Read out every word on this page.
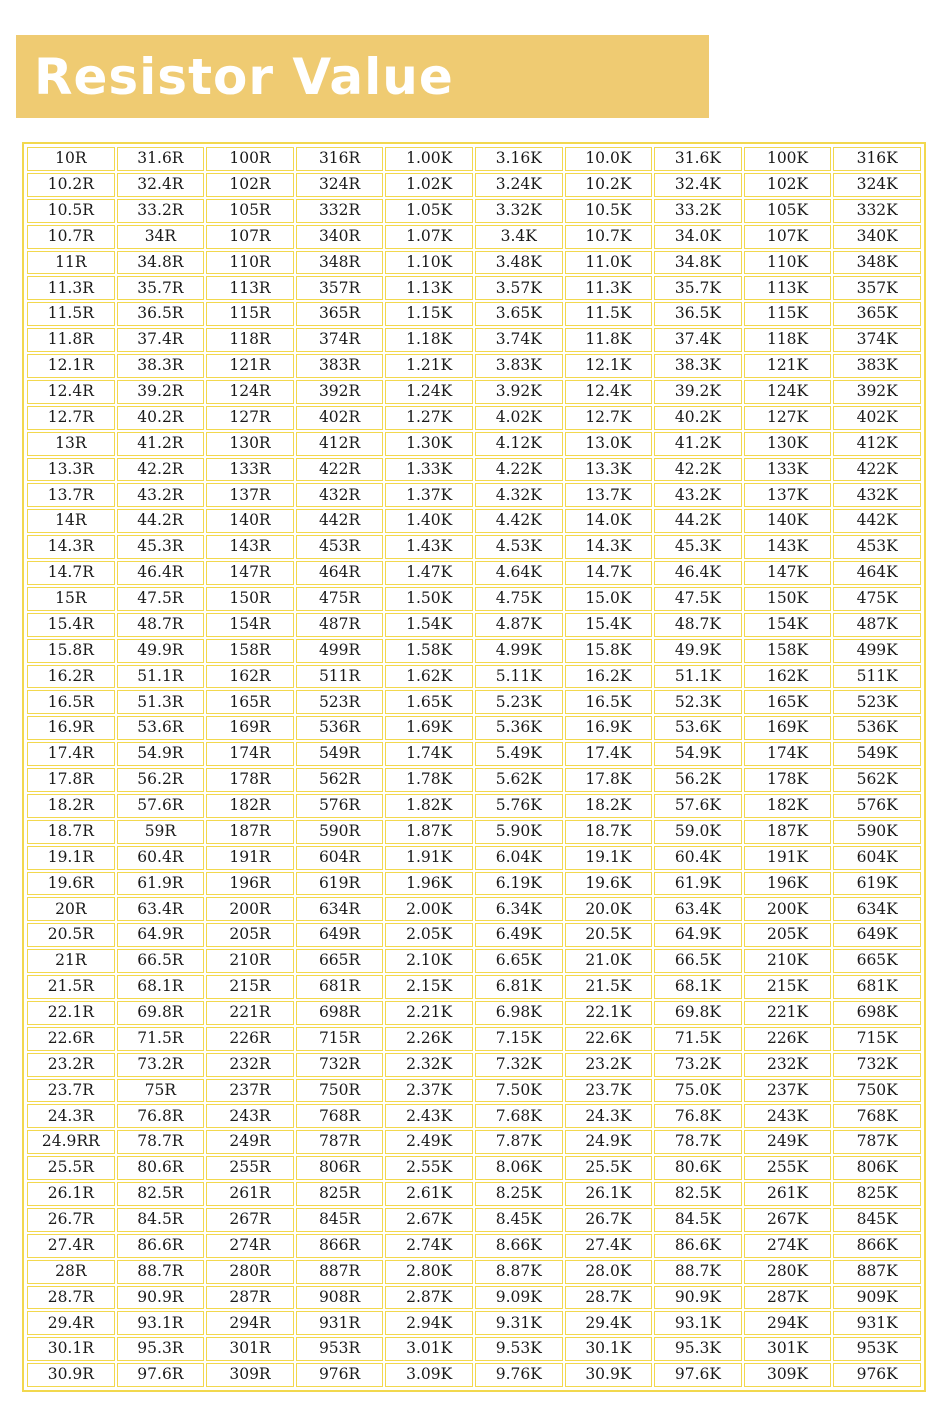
Resistor Value
10R	31.6R	100R	316R	1.00K	3.16K	10.0K	31.6K	100K	316K
10.2R	32.4R	102R	324R	1.02K	3.24K	10.2K	32.4K	102K	324K
10.5R	33.2R	105R	332R	1.05K	3.32K	10.5K	33.2K	105K	332K
10.7R	34R	107R	340R	1.07K	3.4K	10.7K	34.0K	107K	340K
11R	34.8R	110R	348R	1.10K	3.48K	11.0K	34.8K	110K	348K
11.3R	35.7R	113R	357R	1.13K	3.57K	11.3K	35.7K	113K	357K
11.5R	36.5R	115R	365R	1.15K	3.65K	11.5K	36.5K	115K	365K
11.8R	37.4R	118R	374R	1.18K	3.74K	11.8K	37.4K	118K	374K
12.1R	38.3R	121R	383R	1.21K	3.83K	12.1K	38.3K	121K	383K
12.4R	39.2R	124R	392R	1.24K	3.92K	12.4K	39.2K	124K	392K
12.7R	40.2R	127R	402R	1.27K	4.02K	12.7K	40.2K	127K	402K
13R	41.2R	130R	412R	1.30K	4.12K	13.0K	41.2K	130K	412K
13.3R	42.2R	133R	422R	1.33K	4.22K	13.3K	42.2K	133K	422K
13.7R	43.2R	137R	432R	1.37K	4.32K	13.7K	43.2K	137K	432K
14R	44.2R	140R	442R	1.40K	4.42K	14.0K	44.2K	140K	442K
14.3R	45.3R	143R	453R	1.43K	4.53K	14.3K	45.3K	143K	453K
14.7R	46.4R	147R	464R	1.47K	4.64K	14.7K	46.4K	147K	464K
15R	47.5R	150R	475R	1.50K	4.75K	15.0K	47.5K	150K	475K
15.4R	48.7R	154R	487R	1.54K	4.87K	15.4K	48.7K	154K	487K
15.8R	49.9R	158R	499R	1.58K	4.99K	15.8K	49.9K	158K	499K
16.2R	51.1R	162R	511R	1.62K	5.11K	16.2K	51.1K	162K	511K
16.5R	51.3R	165R	523R	1.65K	5.23K	16.5K	52.3K	165K	523K
16.9R	53.6R	169R	536R	1.69K	5.36K	16.9K	53.6K	169K	536K
17.4R	54.9R	174R	549R	1.74K	5.49K	17.4K	54.9K	174K	549K
17.8R	56.2R	178R	562R	1.78K	5.62K	17.8K	56.2K	178K	562K
18.2R	57.6R	182R	576R	1.82K	5.76K	18.2K	57.6K	182K	576K
18.7R	59R	187R	590R	1.87K	5.90K	18.7K	59.0K	187K	590K
19.1R	60.4R	191R	604R	1.91K	6.04K	19.1K	60.4K	191K	604K
19.6R	61.9R	196R	619R	1.96K	6.19K	19.6K	61.9K	196K	619K
20R	63.4R	200R	634R	2.00K	6.34K	20.0K	63.4K	200K	634K
20.5R	64.9R	205R	649R	2.05K	6.49K	20.5K	64.9K	205K	649K
21R	66.5R	210R	665R	2.10K	6.65K	21.0K	66.5K	210K	665K
21.5R	68.1R	215R	681R	2.15K	6.81K	21.5K	68.1K	215K	681K
22.1R	69.8R	221R	698R	2.21K	6.98K	22.1K	69.8K	221K	698K
22.6R	71.5R	226R	715R	2.26K	7.15K	22.6K	71.5K	226K	715K
23.2R	73.2R	232R	732R	2.32K	7.32K	23.2K	73.2K	232K	732K
23.7R	75R	237R	750R	2.37K	7.50K	23.7K	75.0K	237K	750K
24.3R	76.8R	243R	768R	2.43K	7.68K	24.3K	76.8K	243K	768K
24.9RR	78.7R	249R	787R	2.49K	7.87K	24.9K	78.7K	249K	787K
25.5R	80.6R	255R	806R	2.55K	8.06K	25.5K	80.6K	255K	806K
26.1R	82.5R	261R	825R	2.61K	8.25K	26.1K	82.5K	261K	825K
26.7R	84.5R	267R	845R	2.67K	8.45K	26.7K	84.5K	267K	845K
27.4R	86.6R	274R	866R	2.74K	8.66K	27.4K	86.6K	274K	866K
28R	88.7R	280R	887R	2.80K	8.87K	28.0K	88.7K	280K	887K
28.7R	90.9R	287R	908R	2.87K	9.09K	28.7K	90.9K	287K	909K
29.4R	93.1R	294R	931R	2.94K	9.31K	29.4K	93.1K	294K	931K
30.1R	95.3R	301R	953R	3.01K	9.53K	30.1K	95.3K	301K	953K
30.9R	97.6R	309R	976R	3.09K	9.76K	30.9K	97.6K	309K	976K
